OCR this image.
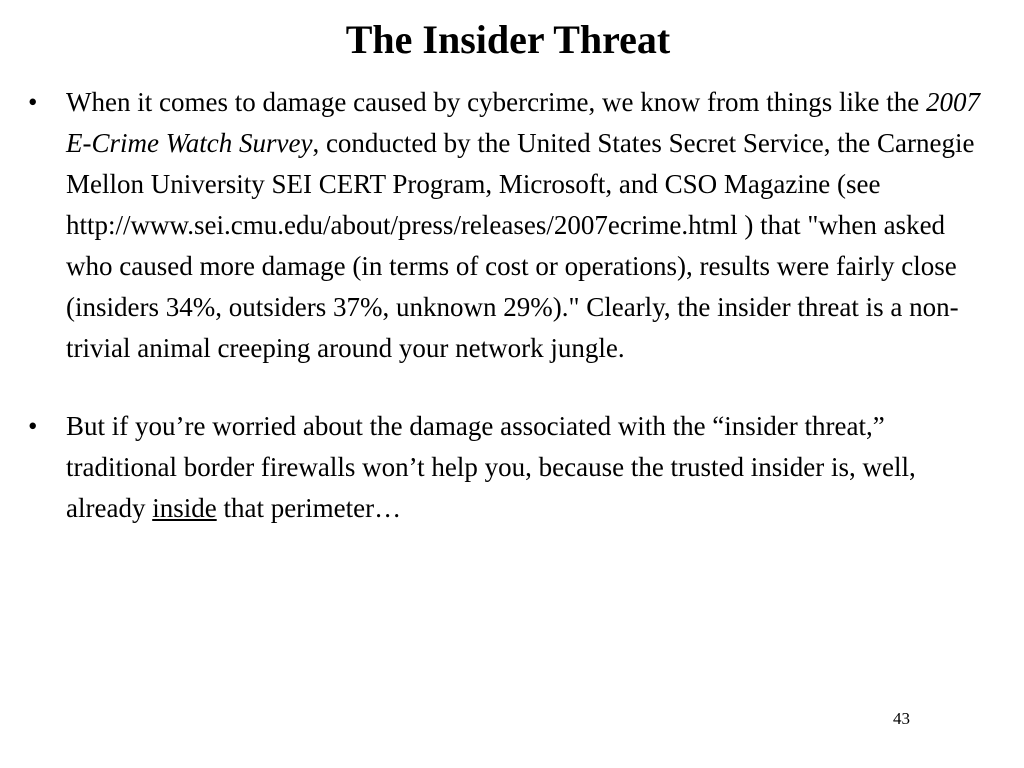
The Insider Threat
• When it comes to damage caused by cybercrime, we know from things like the 2007 E-Crime Watch Survey, conducted by the United States Secret Service, the Carnegie Mellon University SEI CERT Program, Microsoft, and CSO Magazine (see http://www.sei.cmu.edu/about/press/releases/2007ecrime.html ) that "when asked who caused more damage (in terms of cost or operations), results were fairly close (insiders 34%, outsiders 37%, unknown 29%)." Clearly, the insider threat is a non-trivial animal creeping around your network jungle.
• But if you’re worried about the damage associated with the “insider threat,” traditional border firewalls won’t help you, because the trusted insider is, well, already inside that perimeter…
43
